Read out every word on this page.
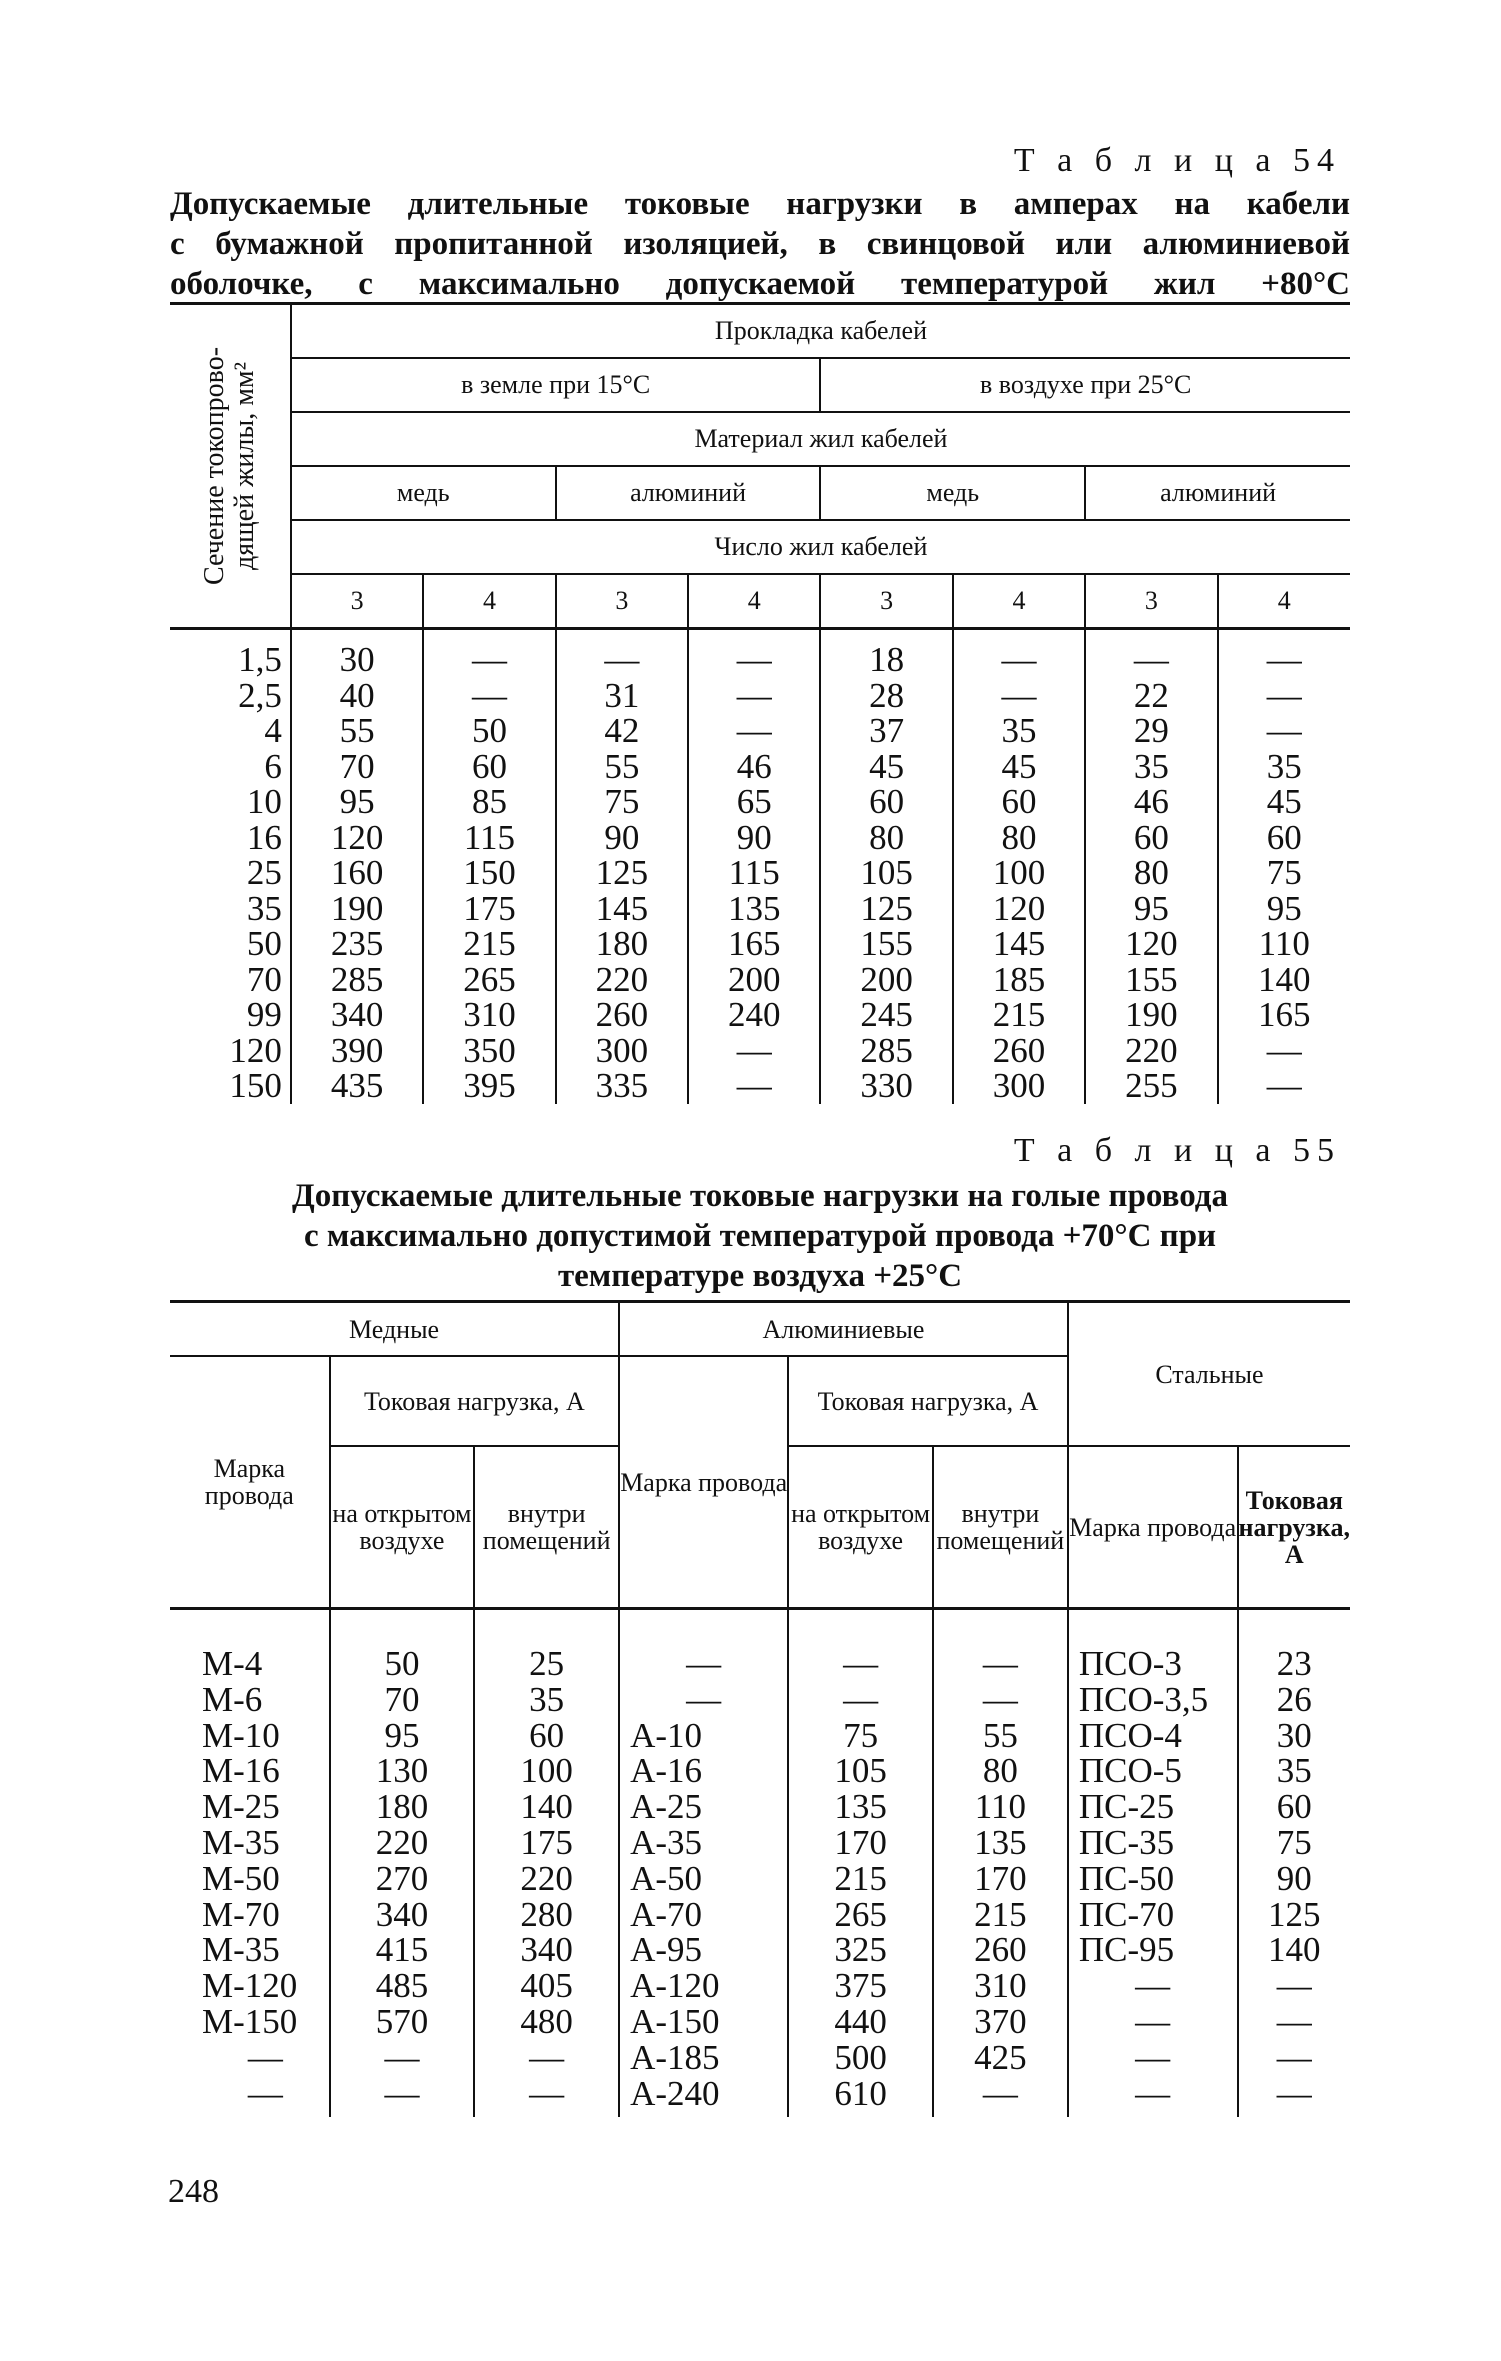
Т а б л и ц а 54
Допускаемые длительные токовые нагрузки в амперах на кабели
с бумажной пропитанной изоляцией, в свинцовой или алюминиевой
оболочке, с максимально допускаемой температурой жил +80°С
Сечение токопрово-
дящей жилы, мм²	Прокладка кабелей							
	в земле при 15°С				в воздухе при 25°С			
	Материал жил кабелей							
	медь		алюминий		медь		алюминий	
	Число жил кабелей							
	3	4	3	4	3	4	3	4
1,5	30	—	—	—	18	—	—	—
2,5	40	—	31	—	28	—	22	—
4	55	50	42	—	37	35	29	—
6	70	60	55	46	45	45	35	35
10	95	85	75	65	60	60	46	45
16	120	115	90	90	80	80	60	60
25	160	150	125	115	105	100	80	75
35	190	175	145	135	125	120	95	95
50	235	215	180	165	155	145	120	110
70	285	265	220	200	200	185	155	140
99	340	310	260	240	245	215	190	165
120	390	350	300	—	285	260	220	—
150	435	395	335	—	330	300	255	—
Т а б л и ц а 55
Допускаемые длительные токовые нагрузки на голые провода
с максимально допустимой температурой провода +70°С при
температуре воздуха +25°С
Медные			Алюминиевые			Стальные	
Марка провода	Токовая нагрузка, А		Марка провода	Токовая нагрузка, А			
	на открытом воздухе	внутри помещений		на открытом воздухе	внутри помещений	Марка провода	Токовая нагрузка, А

М-4	50	25	—	—	—	ПСО-3	23
М-6	70	35	—	—	—	ПСО-3,5	26
М-10	95	60	А-10	75	55	ПСО-4	30
М-16	130	100	А-16	105	80	ПСО-5	35
М-25	180	140	А-25	135	110	ПС-25	60
М-35	220	175	А-35	170	135	ПС-35	75
М-50	270	220	А-50	215	170	ПС-50	90
М-70	340	280	А-70	265	215	ПС-70	125
М-35	415	340	А-95	325	260	ПС-95	140
М-120	485	405	А-120	375	310	—	—
М-150	570	480	А-150	440	370	—	—
—	—	—	А-185	500	425	—	—
—	—	—	А-240	610	—	—	—
248
